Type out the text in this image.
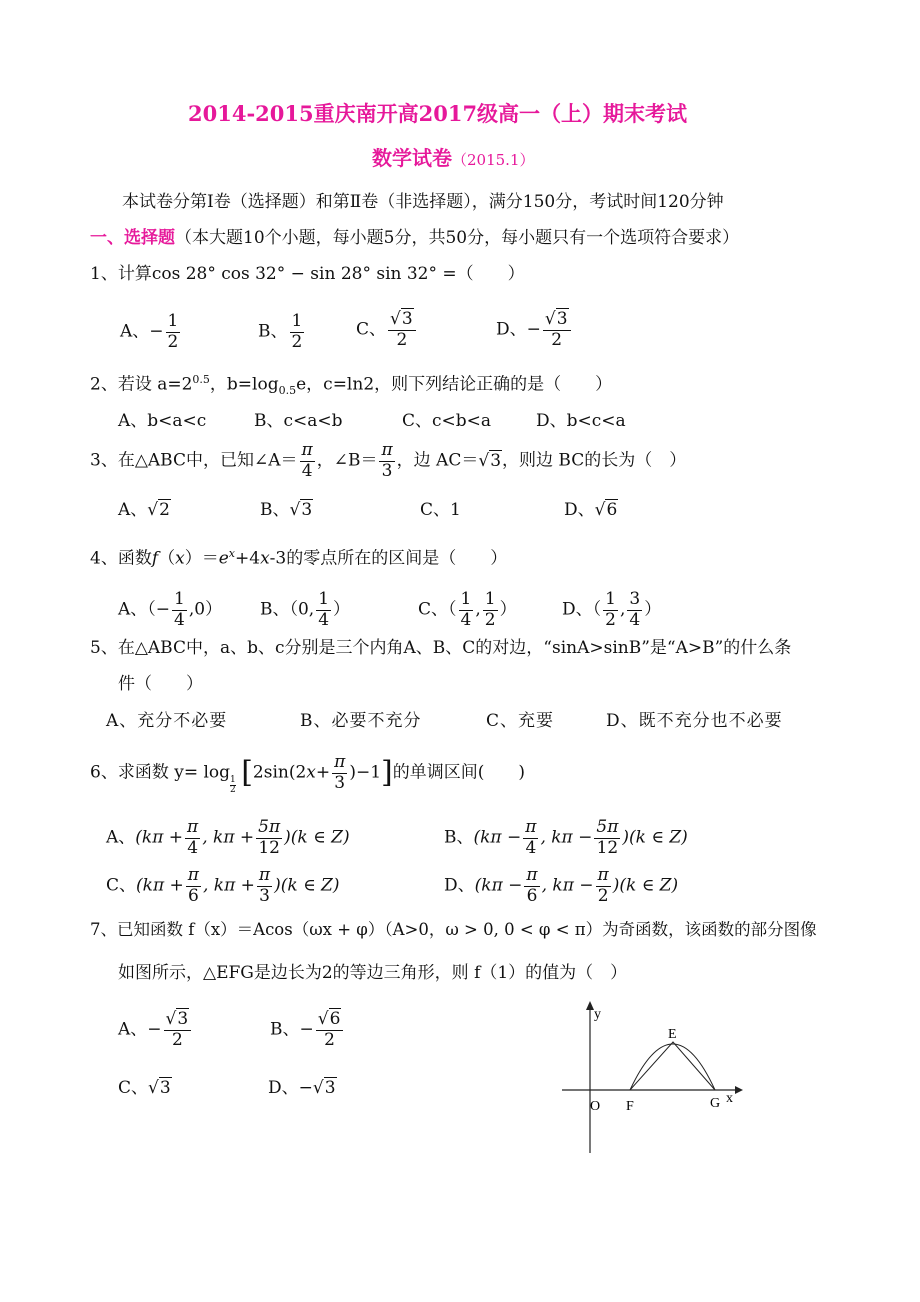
2014-2015重庆南开高2017级高一（上）期末考试
数学试卷（2015.1）
本试卷分第Ⅰ卷（选择题）和第Ⅱ卷（非选择题），满分150分，考试时间120分钟
一、选择题（本大题10个小题，每小题5分，共50分，每小题只有一个选项符合要求）
1、计算cos 28° cos 32° − sin 28° sin 32° =（　　）
A、− $\frac{1}{2}$	B、 $\frac{1}{2}$	C、 $\frac{√3}{2}$	D、− $\frac{√3}{2}$
2、若设 $a=2^{0.5}$，$b=\log_{0.5}e$，c=ln2，则下列结论正确的是（　　）
A、b<a<c	B、c<a<b	C、c<b<a	D、b<c<a
3、在△ABC中，已知∠A＝ $\frac{\pi}{4}$ ，∠B＝ $\frac{\pi}{3}$ ，边 AC＝√3，则边 BC的长为（　）
A、√2	B、√3	C、1	D、√6
4、函数$f(x)=e^x+4x-3$的零点所在的区间是（　　）
A、（− $\frac{1}{4} ,0$） B、（0, $\frac{1}{4}$ ）	C、（ $\frac{1}{4}$ , $\frac{1}{2}$ ）	D、（ $\frac{1}{2}$ , $\frac{3}{4}$ ）
5、在△ABC中，a、b、c分别是三个内角A、B、C的对边，“sinA>sinB”是“A>B”的什么条
件（　　）
A、充分不必要	B、必要不充分	C、充要	D、既不充分也不必要
6、求函数 y= log
$\frac{1}{2} [2\sin(2x+ \frac{\pi}{3} )-1]$的单调区间(　　)
A、($k\pi + \frac{\pi}{4}$ , $k\pi + \frac{5\pi}{12} )(k$ ∈ Z)	B、($k\pi - \frac{\pi}{4}$ , $k\pi - \frac{5\pi}{12} )(k$ ∈ Z)
C、($k\pi + \frac{\pi}{6}$ , $k\pi + \frac{\pi}{3} )(k$ ∈ Z)	D、($k\pi - \frac{\pi}{6}$ , $k\pi - \frac{\pi}{2} )(k$ ∈ Z)
7、已知函数 f（x）＝Acos（ωx + φ）（A>0，ω > 0, 0 < φ < π）为奇函数，该函数的部分图像
如图所示，△EFG是边长为2的等边三角形，则 f（1）的值为（　）
A、− $\frac{√3}{2}$	B、− $\frac{√6}{2}$
C、√3	D、−√3
y
x
O F	G
E
